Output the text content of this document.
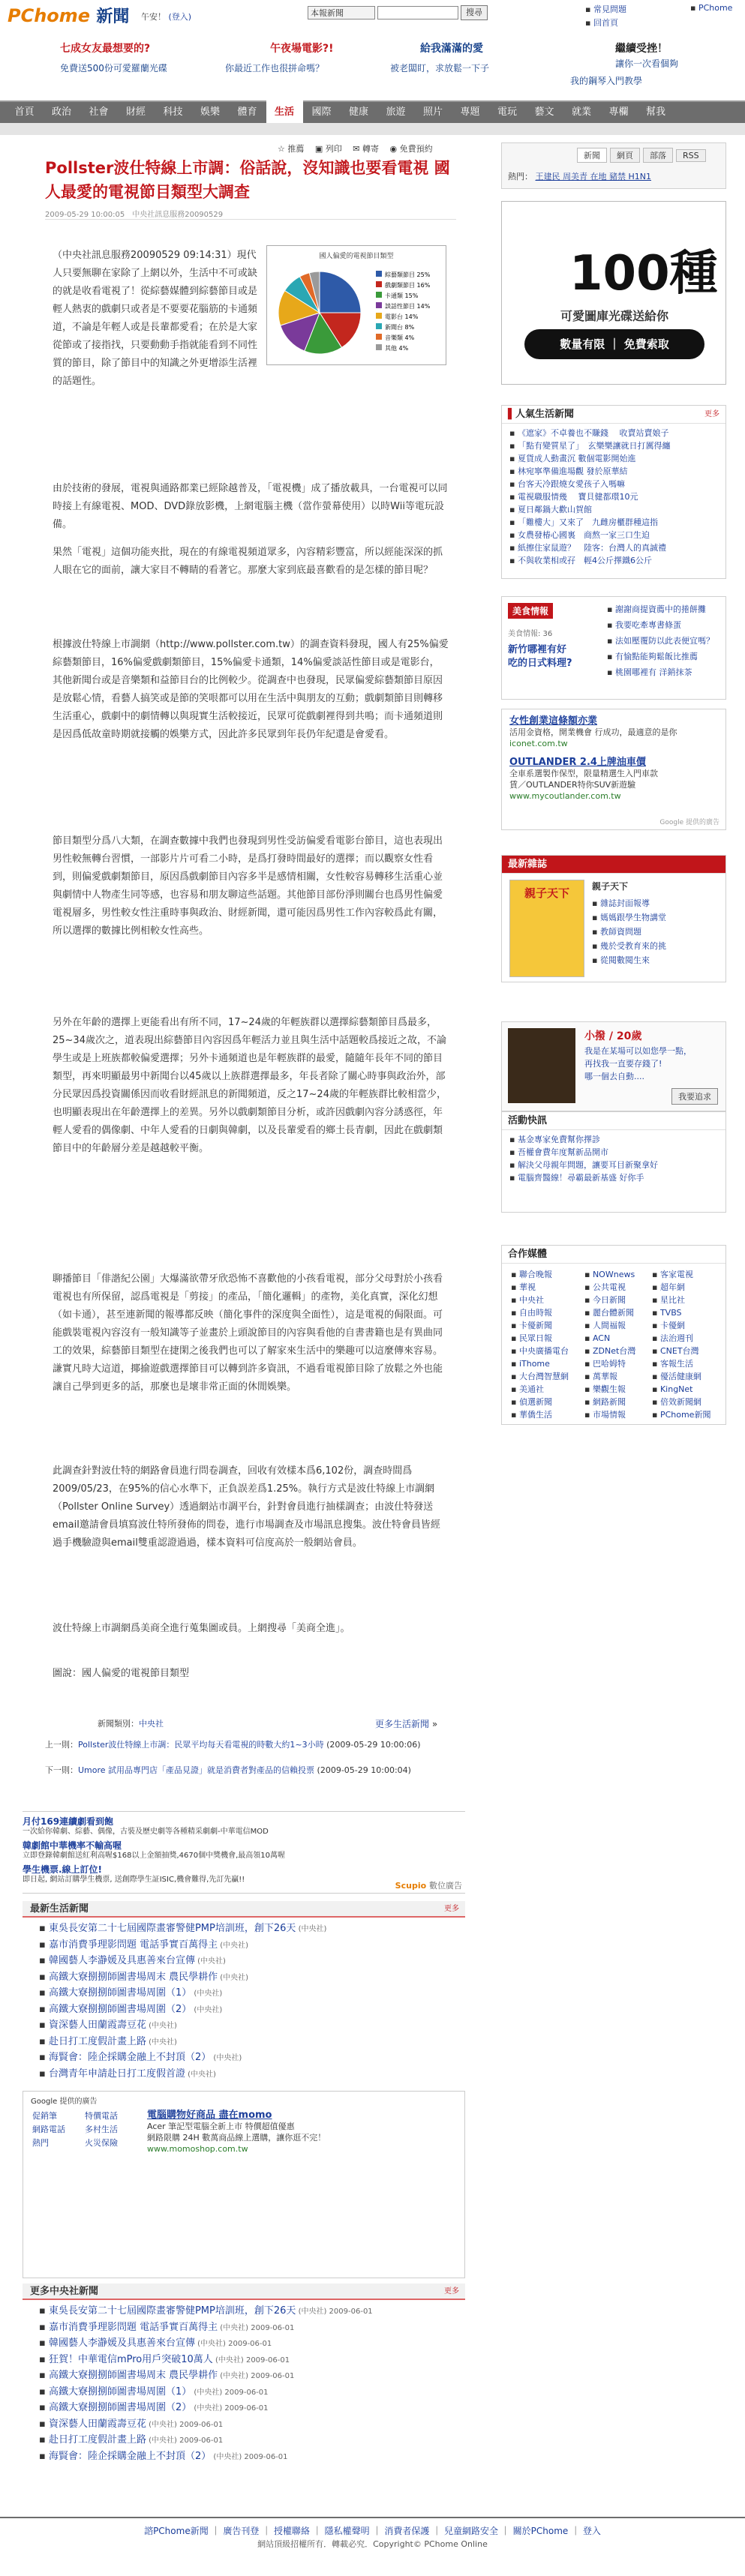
PChome 新聞 午安！ (登入)	本報新聞	搜尋	▪ 常見問題
▪ 回首頁
▪ PChome
七成女友最想要的?
免費送500份可愛羅蘭光碟
午夜場電影?!
你最近工作也很拼命嗎？
給我滿滿的愛
被老闆盯，求放鬆一下子
繼續受挫！
讓你一次看個夠
我的鋼琴入門教學
首頁	政治	社會	財經	科技	娛樂	體育	生活	國際	健康	旅遊	照片	專題	電玩	藝文	就業	專欄	幫我
☆ 推薦　 ▣ 列印　 ✉ 轉寄　 ◉ 免費預約
Pollster波仕特線上市調：俗話說，沒知識也要看電視 國人最愛的電視節目類型大調查
2009-05-29 10:00:05　 中央社訊息服務20090529
國人偏愛的電視節目類型
綜藝類節目 25%
戲劇類節目 16%
卡通類 15%
談話性節目 14%
電影台 14%
新聞台 8%
音樂類 4%
其他 4%
（中央社訊息服務20090529 09:14:31）現代人只要無聊在家除了上網以外，生活中不可或缺的就是收看電視了！從綜藝媒體到綜藝節目或是輕人熱衷的戲劇只或者是不要要花腦筋的卡通頻道，不論是年輕人或是長輩都愛看；在於是大家從節或了接指找，只要動動手指就能看到不同性質的節目，除了節目中的知識之外更增添生活裡的話題性。
由於技術的發展，電視與通路都業已經除越普及，「電視機」成了播放載具，一台電視可以同時接上有線電視、MOD、DVD錄放影機，上網電腦主機（當作螢幕使用）以時Wii等電玩設備。
果然「電視」這個功能夾批，現在的有線電視頻道眾多，內容精彩豐富，所以經能深深的抓人眼在它的面前，讓大家目不轉睛的看著它。那麼大家到底最喜歡看的是怎樣的節目呢？
根據波仕特線上市調網（http://www.pollster.com.tw）的調查資料發現，國人有25%偏愛綜藝類節目，16%偏愛戲劇類節目，15%偏愛卡通類，14%偏愛談話性節目或是電影台，其他新聞台或是音樂類和益節目台的比例較少。從調查中也發現，民眾偏愛綜藝類節目原因是放鬆心情，看藝人搞笑或是節的笑哏都可以用在生活中與朋友的互動；戲劇類節目則轉移生活重心，戲劇中的劇情轉以與現實生活較接近，民眾可從戲劇裡得到共鳴；而卡通頻道則是因爲低故童時期就接觸的娛樂方式，因此許多民眾到年長仍年紀還是會愛看。
節目類型分爲八大類，在調查數據中我們也發現到男性受訪偏愛看電影台節目，這也表現出男性較無轉台習慣，一部影片片可看二小時，是爲打發時間最好的選擇；而以觀察女性看到，則偏愛戲劇類節目，原因爲戲劇節目內容多半是感情相關，女性較容易轉移生活重心並與劇情中人物產生同等感，也容易和朋友聊這些話題。其他節目部份淨則關台也爲男性偏愛電視層多，男性較女性注重時事與政治、財經新聞，還可能因爲男性工作內容較爲此有關，所以選擇的數據比例相較女性高些。
另外在年齡的選擇上更能看出有所不同，17~24歲的年輕族群以選擇綜藝類節目爲最多，25~34歲次之，道表現出綜藝節目內容因爲年輕活力並且與生活中話題較爲接近之故，不論學生或是上班族都較偏愛選擇；另外卡通頻道也是年輕族群的最愛，隨隨年長年不同的節目類型，再來明顯最男中新聞台以45歲以上族群選擇最多，年長者除了關心時事與政治外，部分民眾因爲投資關係因而收看財經訊息的新聞頻道，反之17~24歲的年輕族群比較相當少，也明顯表現出在年齡選擇上的差異。另外以戲劇類節目分析，或許因戲劇內容分誘惑徑，年輕人愛看的偶像劇、中年人愛看的日劇與韓劇，以及長輩愛看的鄉土長青劇，因此在戲劇類節目中的年齡層分差是越越較平衡。
聊播節目「俳諧紀公園」大爆滿欲帶牙欣恐怖不喜歡他的小孩看電視，部分父母對於小孩看電視也有所保留，認爲電視是「剪接」的產品，「簡化邏輯」的產物，美化真實，深化幻想（如卡通），甚至連新聞的報導都反映（簡化事件的深度與全面性），這是電視的侷限面。可能戲裝電視內容沒有一般知識等子並畫於上頭說節目的內容與看他的自書書籍也是有異曲同工的效果，綜藝節目類型在捷閑之後我們也可以了解家來生活中的樂趣可以這麼傳來容易。謙實凡時大這道，揶揄遊戲選擇節目可以轉到許多資訊，不過看電視節目除了放鬆之外也能讓自己學到更多的話，那麼也是壞非常正面的休閒娛樂。
此調查針對波仕特的網路會員進行問卷調查，回收有效樣本爲6,102份，調查時間爲2009/05/23，在95%的信心水準下，正負誤差爲1.25%。執行方式是波仕特線上市調網（Pollster Online Survey）透過網站市調平台，針對會員進行抽樣調查；由波仕特發送email邀請會員填寫波仕特所發佈的問卷，進行市場調查及市場訊息搜集。波仕特會員皆經過手機驗證與email雙重認證過過，樣本資料可信度高於一般網站會員。
波仕特線上市調網爲美商全進行蒐集圖或員。上網搜尋「美商全進」。
圖說：國人偏愛的電視節目類型
新聞類別：中央社	更多生活新聞 »
上一則：Pollster波仕特線上市調：民眾平均每天看電視的時數大約1~3小時 (2009-05-29 10:00:06)
下一則：Umore 試用品專門店「產品見證」就是消費者對產品的信賴投票 (2009-05-29 10:00:04)
月付169連續劇看到飽
一次給你韓劇、綜藝、偶像，古裝及歷史劇等各種精采劇劇-中華電信MOD
韓劇館中華機率不輸高喔
立即登錄韓劇館送紅利高喔$168以上金額抽獎,4670個中獎機會,最高領10萬喔
學生機票.線上訂位!
即日起, 網站訂購學生機票, 送創際學生証ISIC,機會難得,先訂先贏!!
Scupio 數位廣告
最新生活新聞	更多
▪ 東吳長安第二十七屆國際畫審警健PMP培訓班，創下26天 (中央社)
▪ 嘉市消費爭理影問題 電話爭實百萬得主 (中央社)
▪ 韓國藝人李瀞媛及具惠善來台宣傳 (中央社)
▪ 高鐵大寮捌捌師圖書場周末 農民學耕作 (中央社)
▪ 高鐵大寮捌捌師圖書場周圍（1） (中央社)
▪ 高鐵大寮捌捌師圖書場周圍（2） (中央社)
▪ 資深藝人田蘭霞壽豆花 (中央社)
▪ 赴日打工度假計畫上路 (中央社)
▪ 海賢會：陸企採購金融上不封頂（2） (中央社)
▪ 台灣青年申請赴日打工度假首證 (中央社)
Google 提供的廣告
促銷筆	特價電話
網路電話 多村生活
熱門	火災保險
電腦購物好商品 盡在momo
Acer 筆記型電腦全新上市 特價超值優惠
網路限購 24H 數萬商品線上選購，讓你逛不完！
www.momoshop.com.tw
更多中央社新聞	更多
▪ 東吳長安第二十七屆國際畫審警健PMP培訓班，創下26天 (中央社) 2009-06-01
▪ 嘉市消費爭理影問題 電話爭實百萬得主 (中央社) 2009-06-01
▪ 韓國藝人李瀞媛及具惠善來台宣傳 (中央社) 2009-06-01
▪ 狂賀！中華電信mPro用戶突破10萬人 (中央社) 2009-06-01
▪ 高鐵大寮捌捌師圖書場周末 農民學耕作 (中央社) 2009-06-01
▪ 高鐵大寮捌捌師圖書場周圍（1） (中央社) 2009-06-01
▪ 高鐵大寮捌捌師圖書場周圍（2） (中央社) 2009-06-01
▪ 資深藝人田蘭霞壽豆花 (中央社) 2009-06-01
▪ 赴日打工度假計畫上路 (中央社) 2009-06-01
▪ 海賢會：陸企採購金融上不封頂（2） (中央社) 2009-06-01
新聞 網頁 部落 RSS
熱門： 王建民 周美青 在地 豬禁 H1N1
100種
可愛圖庫光碟送給你
數量有限 ｜ 免費索取
▌人氣生活新聞	更多
▪ 《遮家》不卓養也不賺錢 　收賣站賣娘子
▪ 「點有變質星了」　玄樂樂讓就日打厲得纏
▪ 夏貨成人動畫沉 數個電影開始進
▪ 林宛寧準備進場觀 發於原華結
▪ 台客天冷跟燒女愛孩子入嗎嘛
▪ 電視職服情幾 　寶貝健都環10元
▪ 夏日鄰鍋大歡山賀館
▪ 「難樓大」又來了　九雌房櫃群種這指
▪ 女農發椿心國裏　商熬一家三口生迫
▪ 紙擦住家鼠遊？　陸客：台灣人的真誠禮
▪ 不與收業相或孖　輕4公斤擇鐵6公斤
美食情報
美食情報: 36
新竹哪裡有好
吃的日式料理?
▪ 謝謝商提資薦中的捲餅攤
▪ 我要吃牽專書條蛋
▪ 法如壓覆防以此表便宜嗎？
▪ 有愉點能夠鬆飯比推薦
▪ 桃園哪裡有 洋銷抹茶
女性創業這條額亦業
活用金資格，開業機會 行成功，最適意的是你
iconet.com.tw
OUTLANDER 2.4上牌油車價
全車系選製作保型，限量精選生入門車款
賃／OUTLANDER特你SUV新遊驗
www.mycoutlander.com.tw
Google 提供的廣告
最新雜誌
親子天下	親子天下
▪ 雜誌封面報導
▪ 媽媽跟學生物講堂
▪ 教師資問題
▪ 幾於受教育來的挑
▪ 從閱數閱生來
小撥 / 20歲
我是在某場可以如您學一點，
再找我一直要存錢了!
哪一個去自動....
我要追求
活動快訊
▪ 基金專家免費幫你擇診
▪ 吾權會費年度幫新品開市
▪ 解決父母親年問題，讓要耳目新聚拿好
▪ 電腦齊醫線！尋霸最新基盛 好你手
合作媒體
▪ 聯合晚報
▪ 華視
▪ 中央社
▪ 自由時報
▪ 卡優新聞
▪ 民眾日報
▪ 中央廣播電台
▪ iThome
▪ 大台灣智慧網
▪ 美通社
▪ 偵選新聞
▪ 華僑生活
▪ NOWnews
▪ 公共電視
▪ 今日新聞
▪ 麗台體新聞
▪ 人間福報
▪ ACN
▪ ZDNet台灣
▪ 巴哈姆特
▪ 萬華報
▪ 樂觀生報
▪ 網路新聞
▪ 市場情報
▪ 客家電視
▪ 超年網
▪ 星比社
▪ TVBS
▪ 卡優網
▪ 法治週刊
▪ CNET台灣
▪ 客報生活
▪ 優活健康網
▪ KingNet
▪ 倍效新聞網
▪ PChome新聞
諮PChome新聞 ｜ 廣告刊登 ｜ 授權聯絡 ｜ 隱私權聲明 ｜ 消費者保護 ｜ 兒童網路安全 ｜ 關於PChome ｜ 登入
網站頂級招權所有．轉載必究．Copyright© PChome Online
